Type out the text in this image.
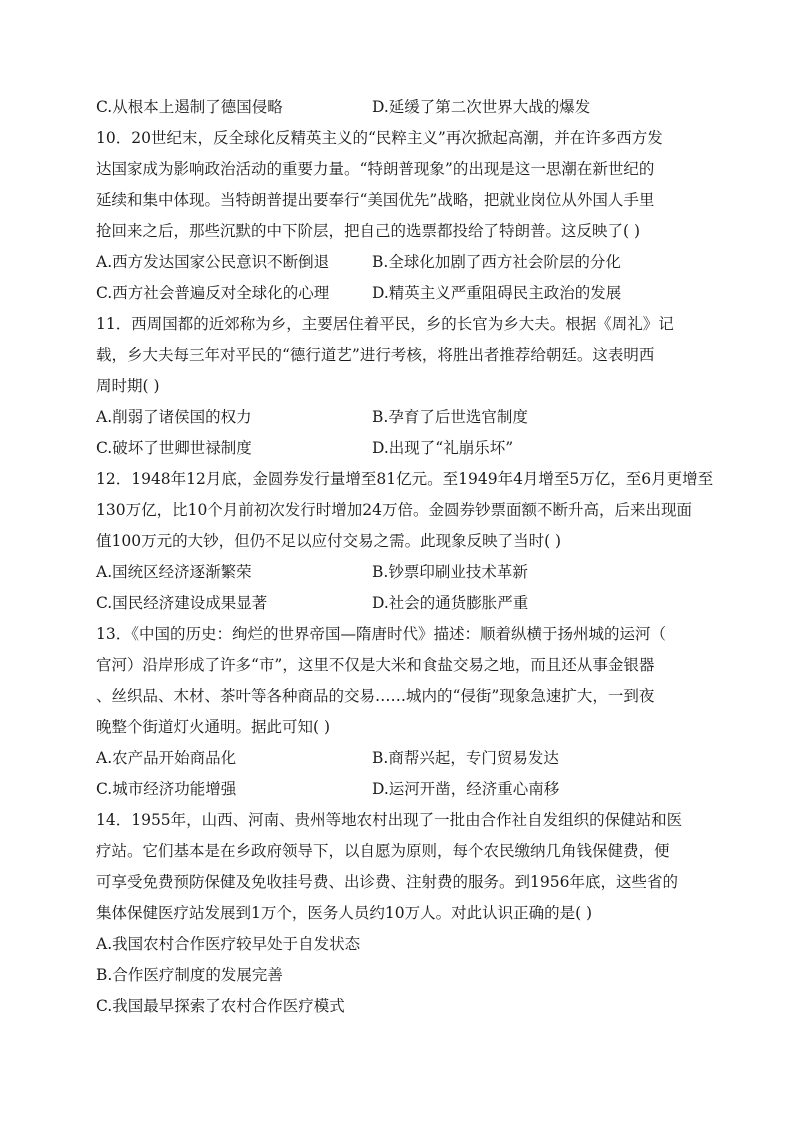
C.从根本上遏制了德国侵略	D.延缓了第二次世界大战的爆发
10．20世纪末，反全球化反精英主义的“民粹主义”再次掀起高潮，并在许多西方发
达国家成为影响政治活动的重要力量。“特朗普现象”的出现是这一思潮在新世纪的
延续和集中体现。当特朗普提出要奉行“美国优先”战略，把就业岗位从外国人手里
抢回来之后，那些沉默的中下阶层，把自己的选票都投给了特朗普。这反映了( )
A.西方发达国家公民意识不断倒退	B.全球化加剧了西方社会阶层的分化
C.西方社会普遍反对全球化的心理	D.精英主义严重阻碍民主政治的发展
11．西周国都的近郊称为乡，主要居住着平民，乡的长官为乡大夫。根据《周礼》记
载，乡大夫每三年对平民的“德行道艺”进行考核，将胜出者推荐给朝廷。这表明西
周时期( )
A.削弱了诸侯国的权力	B.孕育了后世选官制度
C.破坏了世卿世禄制度	D.出现了“礼崩乐坏”
12．1948年12月底，金圆券发行量增至81亿元。至1949年4月增至5万亿，至6月更增至
130万亿，比10个月前初次发行时增加24万倍。金圆券钞票面额不断升高，后来出现面
值100万元的大钞，但仍不足以应付交易之需。此现象反映了当时( )
A.国统区经济逐渐繁荣	B.钞票印刷业技术革新
C.国民经济建设成果显著	D.社会的通货膨胀严重
13．《中国的历史：绚烂的世界帝国—隋唐时代》描述：顺着纵横于扬州城的运河（
官河）沿岸形成了许多“市”，这里不仅是大米和食盐交易之地，而且还从事金银器
、丝织品、木材、茶叶等各种商品的交易……城内的“侵街”现象急速扩大，一到夜
晚整个街道灯火通明。据此可知( )
A.农产品开始商品化	B.商帮兴起，专门贸易发达
C.城市经济功能增强	D.运河开凿，经济重心南移
14．1955年，山西、河南、贵州等地农村出现了一批由合作社自发组织的保健站和医
疗站。它们基本是在乡政府领导下，以自愿为原则，每个农民缴纳几角钱保健费，便
可享受免费预防保健及免收挂号费、出诊费、注射费的服务。到1956年底，这些省的
集体保健医疗站发展到1万个，医务人员约10万人。对此认识正确的是( )
A.我国农村合作医疗较早处于自发状态
B.合作医疗制度的发展完善
C.我国最早探索了农村合作医疗模式
